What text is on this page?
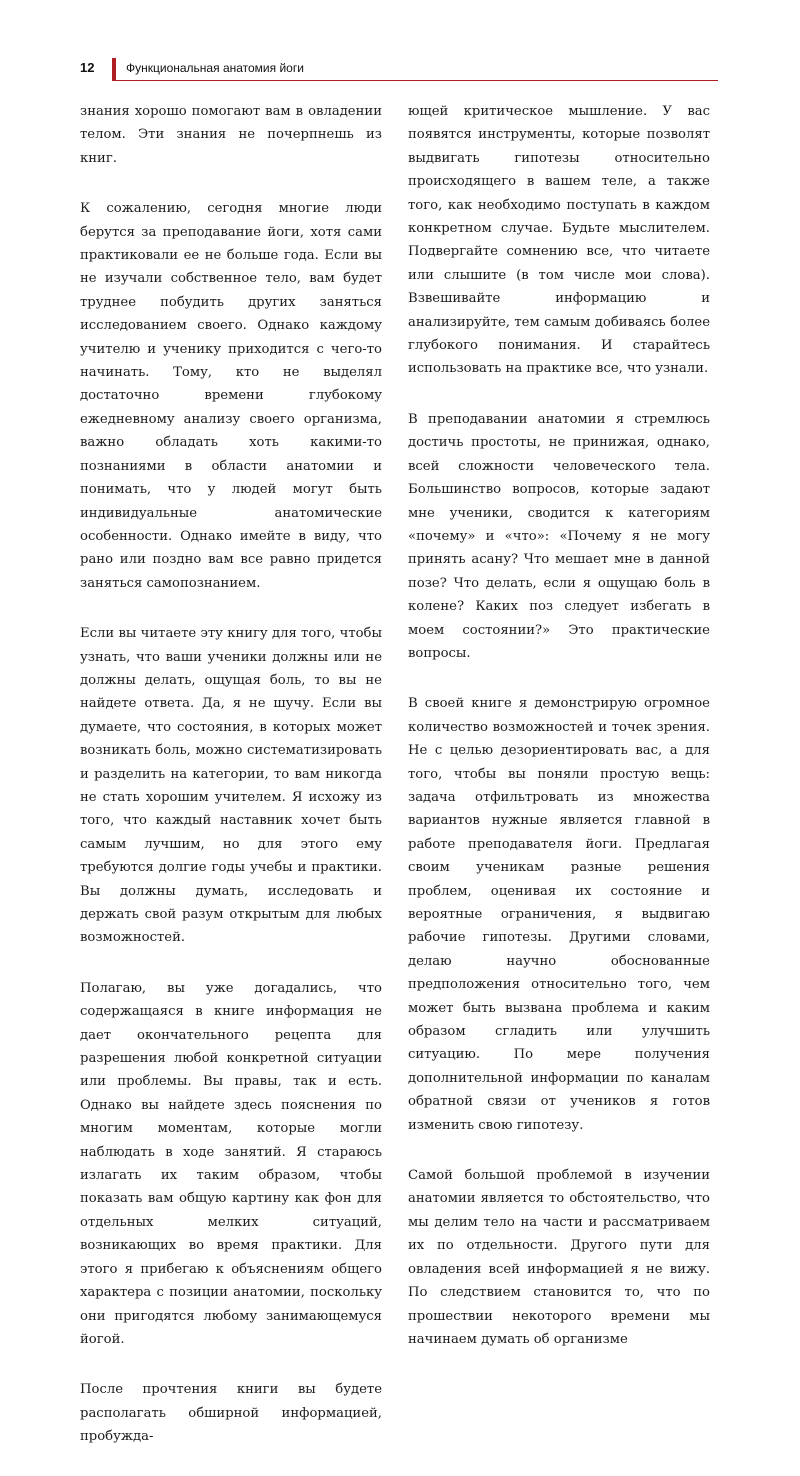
12	Функциональная анатомия йоги

знания хорошо помогают вам в овладении телом. Эти знания не почерпнешь из книг.

К сожалению, сегодня многие люди берутся за преподавание йоги, хотя сами практиковали ее не больше года. Если вы не изучали собственное тело, вам будет труднее побудить других заняться исследованием своего. Однако каждому учителю и ученику приходится с чего-то начинать. Тому, кто не выделял достаточно времени глубокому ежедневному анализу своего организма, важно обладать хоть какими-то познаниями в области анатомии и понимать, что у людей могут быть индивидуальные анатомические особенности. Однако имейте в виду, что рано или поздно вам все равно придется заняться самопознанием.

Если вы читаете эту книгу для того, чтобы узнать, что ваши ученики должны или не должны делать, ощущая боль, то вы не найдете ответа. Да, я не шучу. Если вы думаете, что состояния, в которых может возникать боль, можно систематизировать и разделить на категории, то вам никогда не стать хорошим учителем. Я исхожу из того, что каждый наставник хочет быть самым лучшим, но для этого ему требуются долгие годы учебы и практики. Вы должны думать, исследовать и держать свой разум открытым для любых возможностей.

Полагаю, вы уже догадались, что содержащаяся в книге информация не дает окончательного рецепта для разрешения любой конкретной ситуации или проблемы. Вы правы, так и есть. Однако вы найдете здесь пояснения по многим моментам, которые могли наблюдать в ходе занятий. Я стараюсь излагать их таким образом, чтобы показать вам общую картину как фон для отдельных мелких ситуаций, возникающих во время практики. Для этого я прибегаю к объяснениям общего характера с позиции анатомии, поскольку они пригодятся любому занимающемуся йогой.

После прочтения книги вы будете располагать обширной информацией, пробужда-

ющей критическое мышление. У вас появятся инструменты, которые позволят выдвигать гипотезы относительно происходящего в вашем теле, а также того, как необходимо поступать в каждом конкретном случае. Будьте мыслителем. Подвергайте сомнению все, что читаете или слышите (в том числе мои слова). Взвешивайте информацию и анализируйте, тем самым добиваясь более глубокого понимания. И старайтесь использовать на практике все, что узнали.

В преподавании анатомии я стремлюсь достичь простоты, не принижая, однако, всей сложности человеческого тела. Большинство вопросов, которые задают мне ученики, сводится к категориям «почему» и «что»: «Почему я не могу принять асану? Что мешает мне в данной позе? Что делать, если я ощущаю боль в колене? Каких поз следует избегать в моем состоянии?» Это практические вопросы.

В своей книге я демонстрирую огромное количество возможностей и точек зрения. Не с целью дезориентировать вас, а для того, чтобы вы поняли простую вещь: задача отфильтровать из множества вариантов нужные является главной в работе преподавателя йоги. Предлагая своим ученикам разные решения проблем, оценивая их состояние и вероятные ограничения, я выдвигаю рабочие гипотезы. Другими словами, делаю научно обоснованные предположения относительно того, чем может быть вызвана проблема и каким образом сгладить или улучшить ситуацию. По мере получения дополнительной информации по каналам обратной связи от учеников я готов изменить свою гипотезу.

Самой большой проблемой в изучении анатомии является то обстоятельство, что мы делим тело на части и рассматриваем их по отдельности. Другого пути для овладения всей информацией я не вижу. По следствием становится то, что по прошествии некоторого времени мы начинаем думать об организме
